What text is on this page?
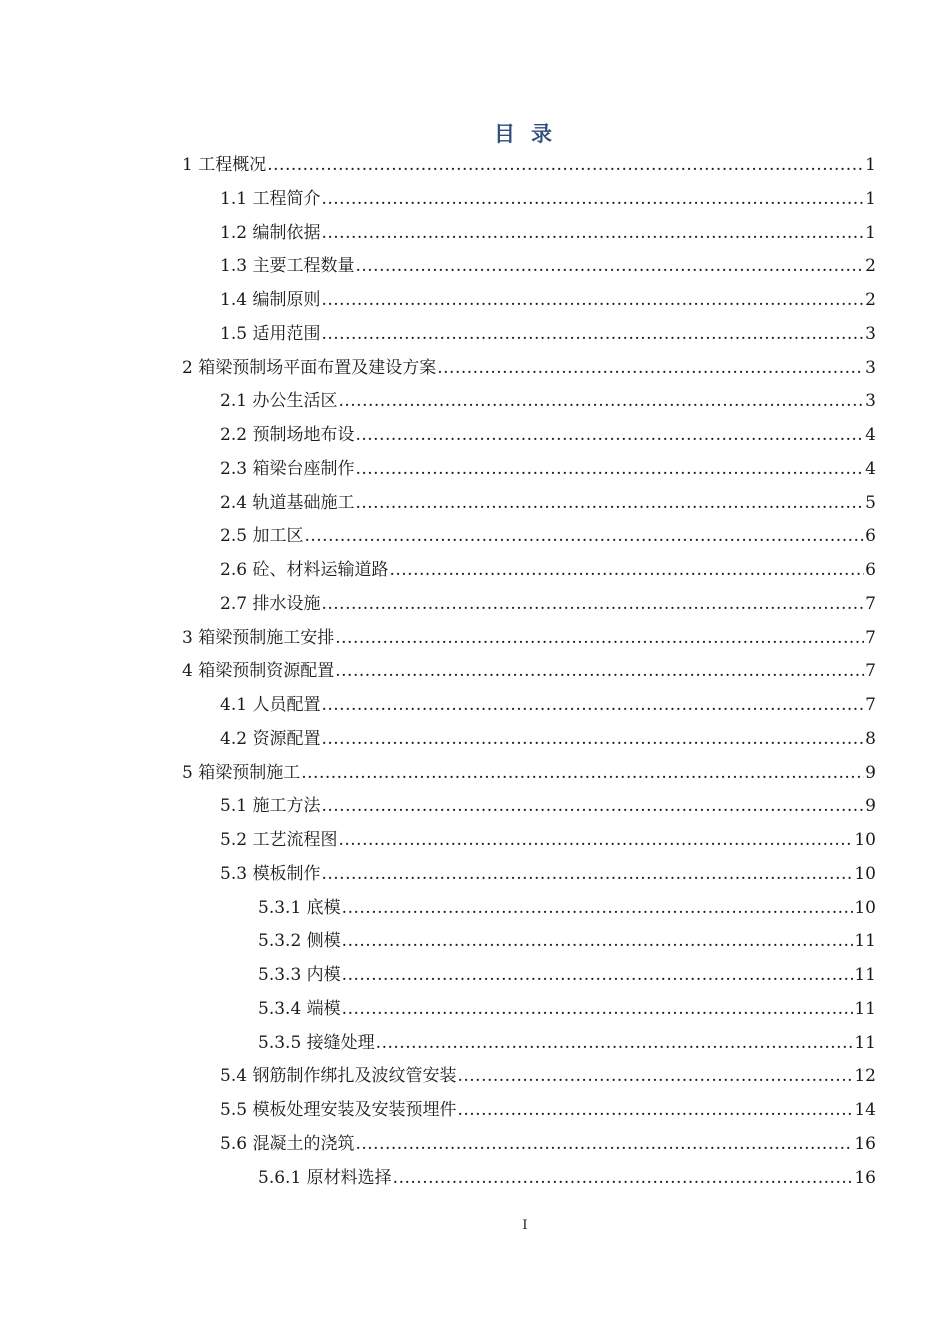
目录
1 工程概况 .....	1
1.1 工程简介 .....	1
1.2 编制依据 .....	1
1.3 主要工程数量 .....	2
1.4 编制原则 .....	2
1.5 适用范围 .....	3
2 箱梁预制场平面布置及建设方案 .....	3
2.1 办公生活区 .....	3
2.2 预制场地布设 .....	4
2.3 箱梁台座制作 .....	4
2.4 轨道基础施工 .....	5
2.5 加工区 .....	6
2.6 砼、材料运输道路 .....	6
2.7 排水设施 .....	7
3 箱梁预制施工安排 .....	7
4 箱梁预制资源配置 .....	7
4.1 人员配置 .....	7
4.2 资源配置 .....	8
5 箱梁预制施工 .....	9
5.1 施工方法 .....	9
5.2 工艺流程图 .....	10
5.3 模板制作 .....	10
5.3.1 底模 .....	10
5.3.2 侧模 .....	11
5.3.3 内模 .....	11
5.3.4 端模 .....	11
5.3.5 接缝处理 .....	11
5.4 钢筋制作绑扎及波纹管安装 .....	12
5.5 模板处理安装及安装预埋件 .....	14
5.6 混凝土的浇筑 .....	16
5.6.1 原材料选择 .....	16

I
